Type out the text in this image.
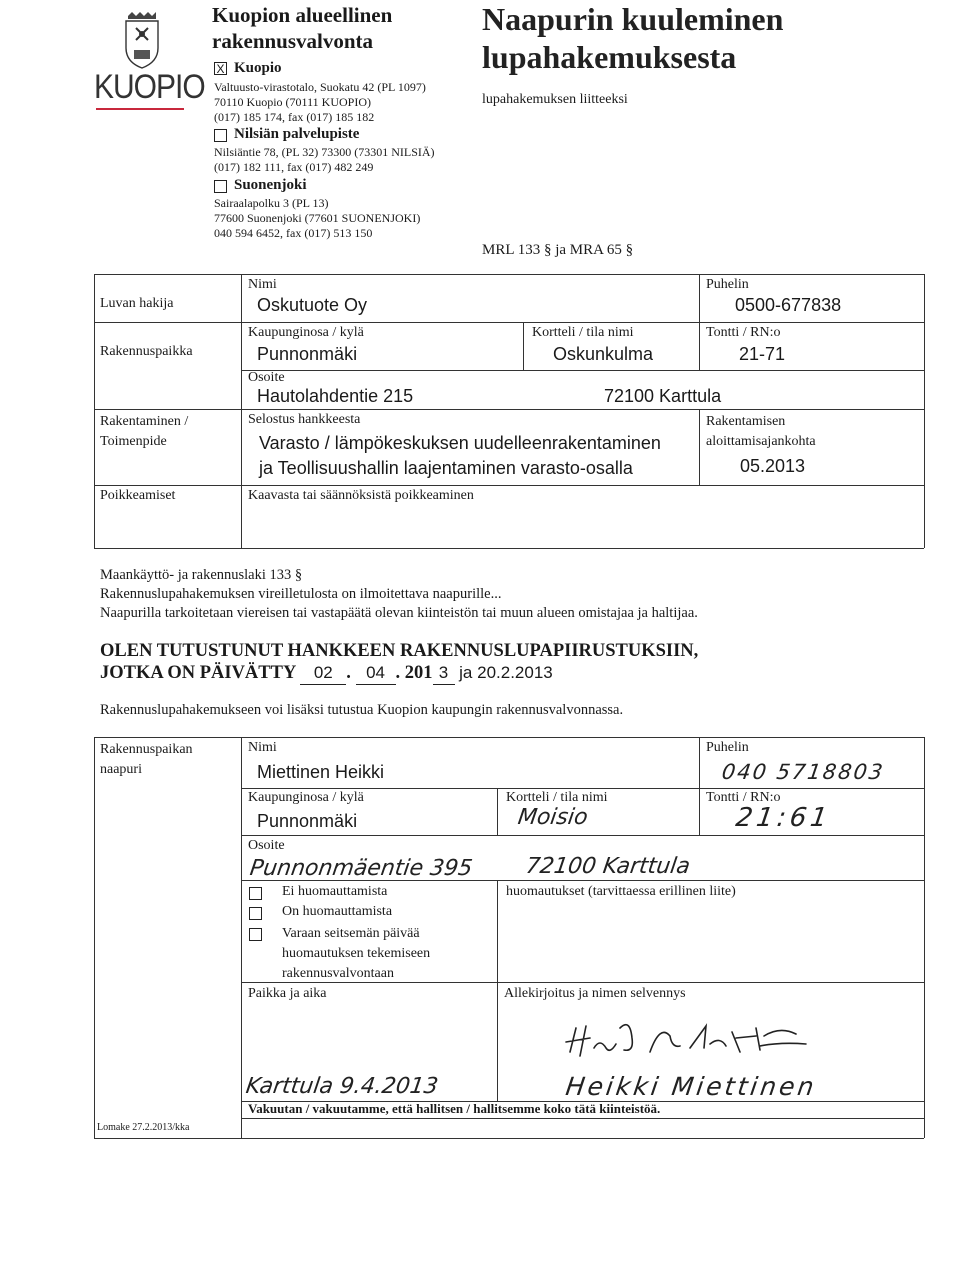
KUOPIO
Kuopion alueellinen
rakennusvalvonta
X Kuopio
Valtuusto-virastotalo, Suokatu 42 (PL 1097)
70110 Kuopio (70111 KUOPIO)
(017) 185 174, fax (017) 185 182
Nilsiän palvelupiste
Nilsiäntie 78, (PL 32) 73300 (73301 NILSIÄ)
(017) 182 111, fax (017) 482 249
Suonenjoki
Sairaalapolku 3 (PL 13)
77600 Suonenjoki (77601 SUONENJOKI)
040 594 6452, fax (017) 513 150
Naapurin kuuleminen
lupahakemuksesta
lupahakemuksen liitteeksi
MRL 133 § ja MRA 65 §
Luvan hakija
Nimi
Oskutuote Oy
Puhelin
0500-677838
Rakennuspaikka
Kaupunginosa / kylä
Punnonmäki
Kortteli / tila nimi
Oskunkulma
Tontti / RN:o
21-71
Osoite
Hautolahdentie 215	72100 Karttula
Rakentaminen /
Toimenpide
Selostus hankkeesta
Varasto / lämpökeskuksen uudelleenrakentaminen
ja Teollisuushallin laajentaminen varasto-osalla
Rakentamisen
aloittamisajankohta
05.2013
Poikkeamiset	Kaavasta tai säännöksistä poikkeaminen
Maankäyttö- ja rakennuslaki 133 §
Rakennuslupahakemuksen vireilletulosta on ilmoitettava naapurille...
Naapurilla tarkoitetaan viereisen tai vastapäätä olevan kiinteistön tai muun alueen omistajaa ja haltijaa.
OLEN TUTUSTUNUT HANKKEEN RAKENNUSLUPAPIIRUSTUKSIIN,
JOTKA ON PÄIVÄTTY 02 . 04 . 201 3 ja 20.2.2013
Rakennuslupahakemukseen voi lisäksi tutustua Kuopion kaupungin rakennusvalvonnassa.
Rakennuspaikan
naapuri
Nimi
Miettinen Heikki
Puhelin
040 5718803
Kaupunginosa / kylä
Punnonmäki
Kortteli / tila nimi
Moisio
Tontti / RN:o
21:61
Osoite
Punnonmäentie 395 72100 Karttula
Ei huomauttamista
On huomauttamista
Varaan seitsemän päivää huomautuksen tekemiseen rakennusvalvontaan
huomautukset (tarvittaessa erillinen liite)
Paikka ja aika
Karttula 9.4.2013
Allekirjoitus ja nimen selvennys
Heikki Miettinen
Vakuutan / vakuutamme, että hallitsen / hallitsemme koko tätä kiinteistöä.
Lomake 27.2.2013/kka
